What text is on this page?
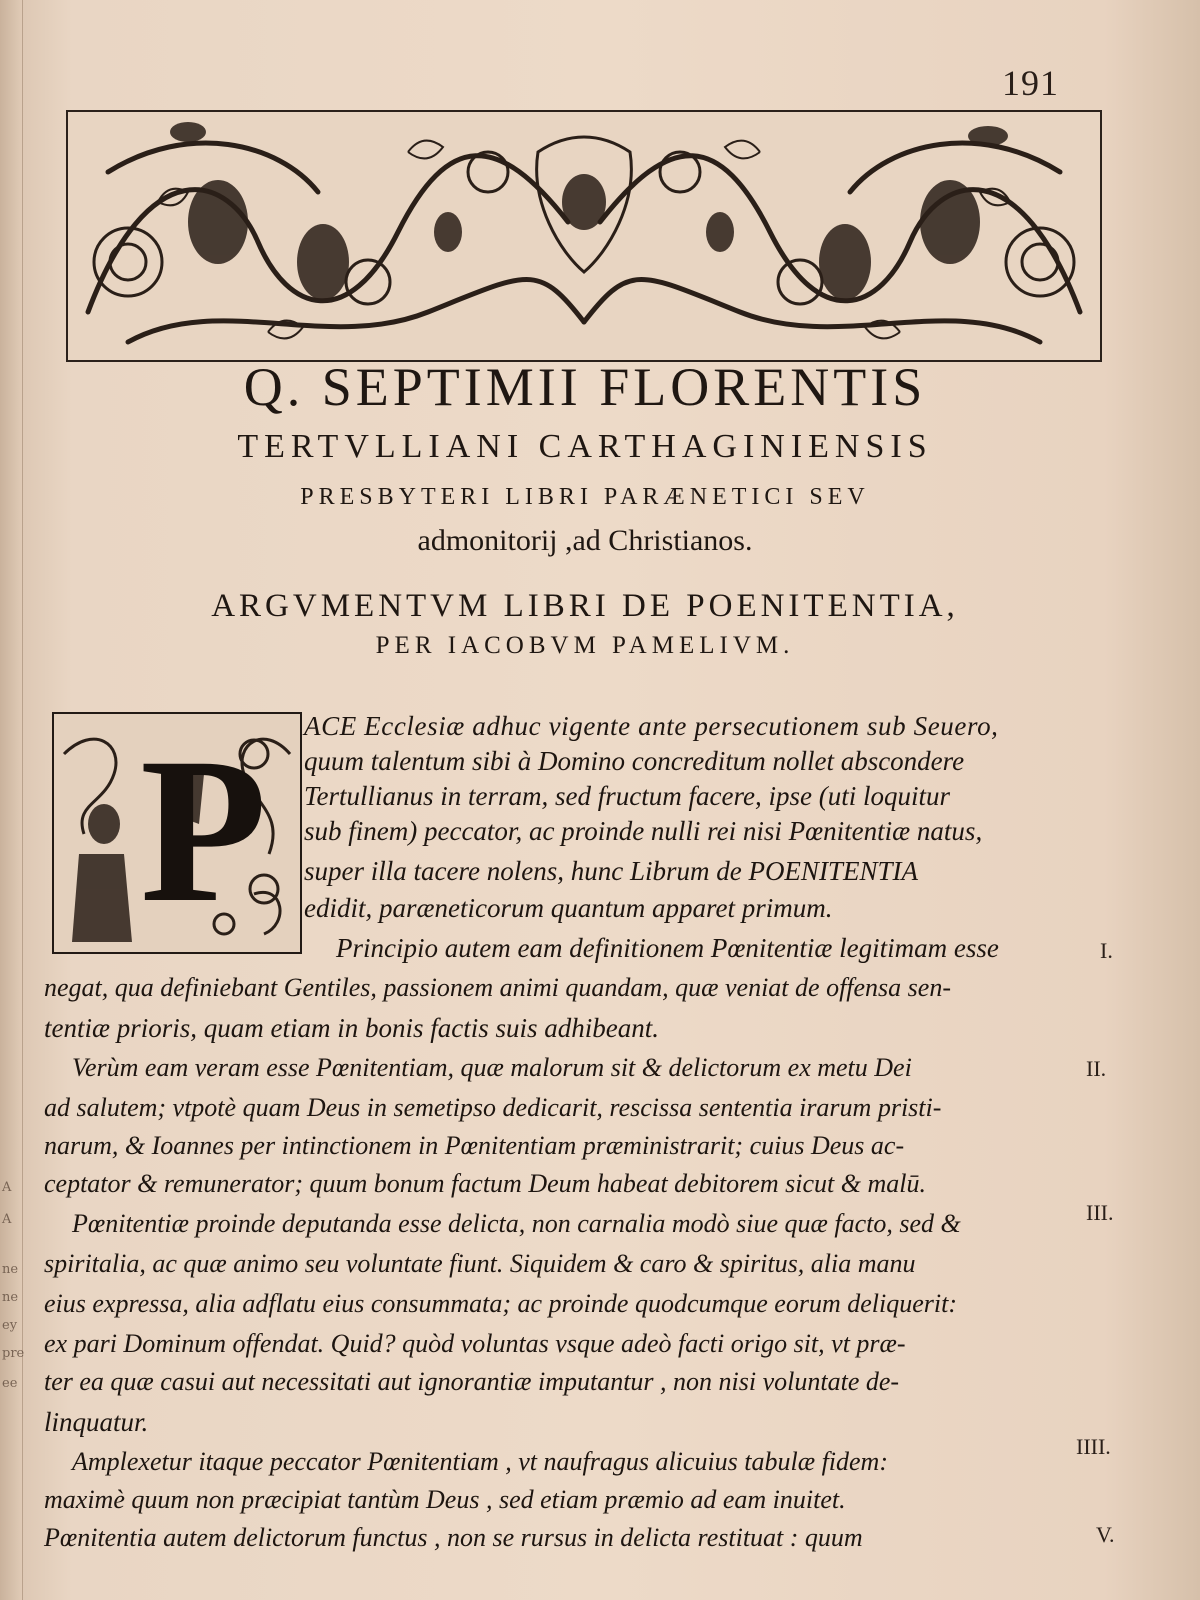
A
A
ne
ne
ey
pre
ee
191
Q. SEPTIMII FLORENTIS
TERTVLLIANI CARTHAGINIENSIS
PRESBYTERI LIBRI PARÆNETICI SEV
admonitorij ,ad Christianos.
ARGVMENTVM LIBRI DE POENITENTIA,
PER IACOBVM PAMELIVM.
P ACE Ecclesiæ adhuc vigente ante persecutionem sub Seuero,
quum talentum sibi à Domino concreditum nollet abscondere
Tertullianus in terram, sed fructum facere, ipse (uti loquitur
sub finem) peccator, ac proinde nulli rei nisi Pœnitentiæ natus,
super illa tacere nolens, hunc Librum de POENITENTIA
edidit, paræneticorum quantum apparet primum.
Principio autem eam definitionem Pœnitentiæ legitimam esse
negat, qua definiebant Gentiles, passionem animi quandam, quæ veniat de offensa sen-
tentiæ prioris, quam etiam in bonis factis suis adhibeant.
Verùm eam veram esse Pœnitentiam, quæ malorum sit & delictorum ex metu Dei
ad salutem; vtpotè quam Deus in semetipso dedicarit, rescissa sententia irarum pristi-
narum, & Ioannes per intinctionem in Pœnitentiam præministrarit; cuius Deus ac-
ceptator & remunerator; quum bonum factum Deum habeat debitorem sicut & malū.
Pœnitentiæ proinde deputanda esse delicta, non carnalia modò siue quæ facto, sed &
spiritalia, ac quæ animo seu voluntate fiunt. Siquidem & caro & spiritus, alia manu
eius expressa, alia adflatu eius consummata; ac proinde quodcumque eorum deliquerit:
ex pari Dominum offendat. Quid? quòd voluntas vsque adeò facti origo sit, vt præ-
ter ea quæ casui aut necessitati aut ignorantiæ imputantur , non nisi voluntate de-
linquatur.
Amplexetur itaque peccator Pœnitentiam , vt naufragus alicuius tabulæ fidem:
maximè quum non præcipiat tantùm Deus , sed etiam præmio ad eam inuitet.
Pœnitentia autem delictorum functus , non se rursus in delicta restituat : quum
I.
II.
III.
IIII.
V.
